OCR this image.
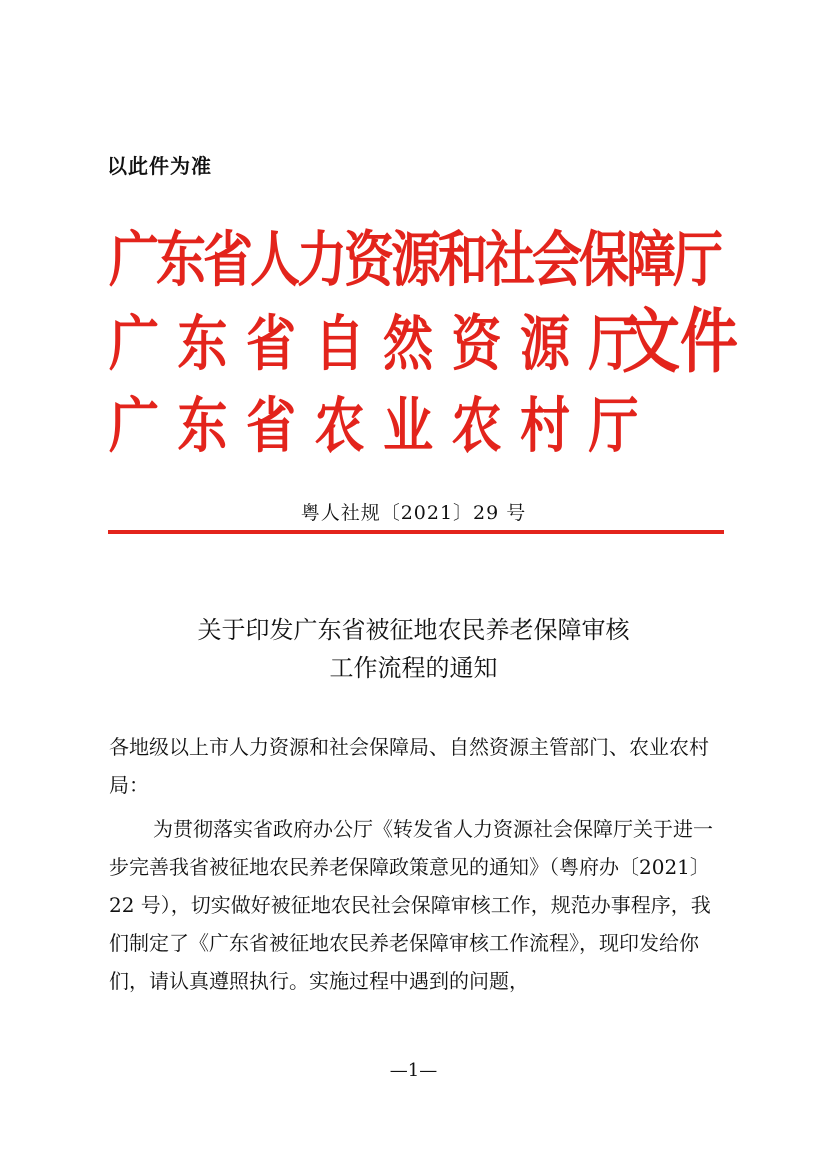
以此件为准
广东省人力资源和社会保障厅
广东省自然资源厅
文件
广东省农业农村厅
粤人社规〔2021〕29 号
关于印发广东省被征地农民养老保障审核
工作流程的通知

各地级以上市人力资源和社会保障局、自然资源主管部门、农业农村局：

为贯彻落实省政府办公厅《转发省人力资源社会保障厅关于进一步完善我省被征地农民养老保障政策意见的通知》（粤府办〔2021〕22 号），切实做好被征地农民社会保障审核工作，规范办事程序，我们制定了《广东省被征地农民养老保障审核工作流程》，现印发给你们，请认真遵照执行。实施过程中遇到的问题，

—1—
